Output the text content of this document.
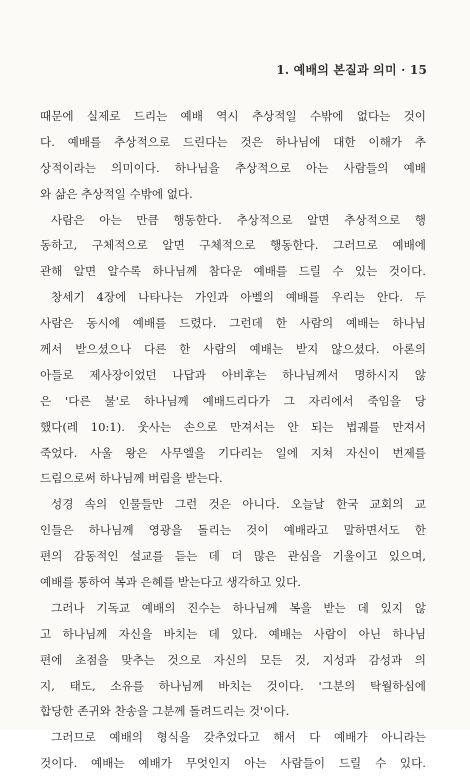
1. 예배의 본질과 의미 · 15

때문에 실제로 드리는 예배 역시 추상적일 수밖에 없다는 것이
다. 예배를 추상적으로 드린다는 것은 하나님에 대한 이해가 추
상적이라는 의미이다. 하나님을 추상적으로 아는 사람들의 예배
와 삶은 추상적일 수밖에 없다.

사람은 아는 만큼 행동한다. 추상적으로 알면 추상적으로 행
동하고, 구체적으로 알면 구체적으로 행동한다. 그러므로 예배에
관해 알면 알수록 하나님께 참다운 예배를 드릴 수 있는 것이다.

창세기 4장에 나타나는 가인과 아벨의 예배를 우리는 안다. 두
사람은 동시에 예배를 드렸다. 그런데 한 사람의 예배는 하나님
께서 받으셨으나 다른 한 사람의 예배는 받지 않으셨다. 아론의
아들로 제사장이었던 나답과 아비후는 하나님께서 명하시지 않
은 '다른 불'로 하나님께 예배드리다가 그 자리에서 죽임을 당
했다(레 10:1). 웃사는 손으로 만져서는 안 되는 법궤를 만져서
죽었다. 사울 왕은 사무엘을 기다리는 일에 지쳐 자신이 번제를
드림으로써 하나님께 버림을 받는다.

성경 속의 인물들만 그런 것은 아니다. 오늘날 한국 교회의 교
인들은 하나님께 영광을 돌리는 것이 예배라고 말하면서도 한
편의 감동적인 설교를 듣는 데 더 많은 관심을 기울이고 있으며,
예배를 통하여 복과 은혜를 받는다고 생각하고 있다.

그러나 기독교 예배의 진수는 하나님께 복을 받는 데 있지 않
고 하나님께 자신을 바치는 데 있다. 예배는 사람이 아닌 하나님
편에 초점을 맞추는 것으로 자신의 모든 것, 지성과 감성과 의
지, 태도, 소유를 하나님께 바치는 것이다. '그분의 탁월하심에
합당한 존귀와 찬송을 그분께 돌려드리는 것'이다.

그러므로 예배의 형식을 갖추었다고 해서 다 예배가 아니라는
것이다. 예배는 예배가 무엇인지 아는 사람들이 드릴 수 있다.
